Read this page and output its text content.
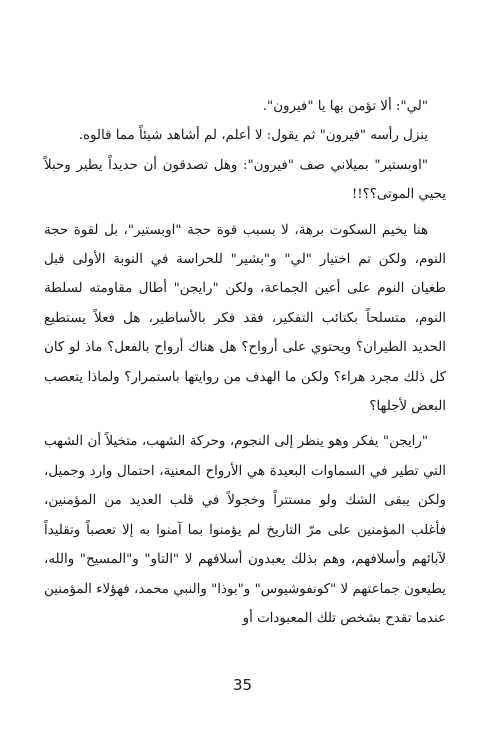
"لي": ألا تؤمن بها يا "فيرون".

ينزل رأسه "فيرون" ثم يقول: لا أعلم، لم أشاهد شيئاً مما قالوه.

"اوبستير" بميلاني صف "فيرون": وهل تصدقون أن حديداً يطير وحبلاً يحيي الموتى؟؟!!

هنا يخيم السكوت برهة، لا بسبب قوة حجة "اوبستير"، بل لقوة حجة النوم، ولكن تم اختيار "لي" و"بشير" للحراسة في النوبة الأولى قبل طغيان النوم على أعين الجماعة، ولكن "رايجن" أطال مقاومته لسلطة النوم، متسلحاً بكتائب التفكير، فقد فكر بالأساطير، هل فعلاً يستطيع الحديد الطيران؟ ويحتوي على أرواح؟ هل هناك أرواح بالفعل؟ ماذ لو كان كل ذلك مجرد هراء؟ ولكن ما الهدف من روايتها باستمرار؟ ولماذا يتعصب البعض لأجلها؟

"رايجن" يفكر وهو ينظر إلى النجوم، وحركة الشهب، متخيلاً أن الشهب التي تطير في السماوات البعيدة هي الأرواح المعنية، احتمال وارد وجميل، ولكن يبقى الشك ولو مستتراً وخجولاً في قلب العديد من المؤمنين، فأغلب المؤمنين على مرّ التاريخ لم يؤمنوا بما آمنوا به إلا تعصباً وتقليداً لآبائهم وأسلافهم، وهم بذلك يعبدون أسلافهم لا "التاو" و"المسيح" والله، يطيعون جماعتهم لا "كونفوشيوس" و"بوذا" والنبي محمد، فهؤلاء المؤمنين عندما تقدح بشخص تلك المعبودات أو

35
